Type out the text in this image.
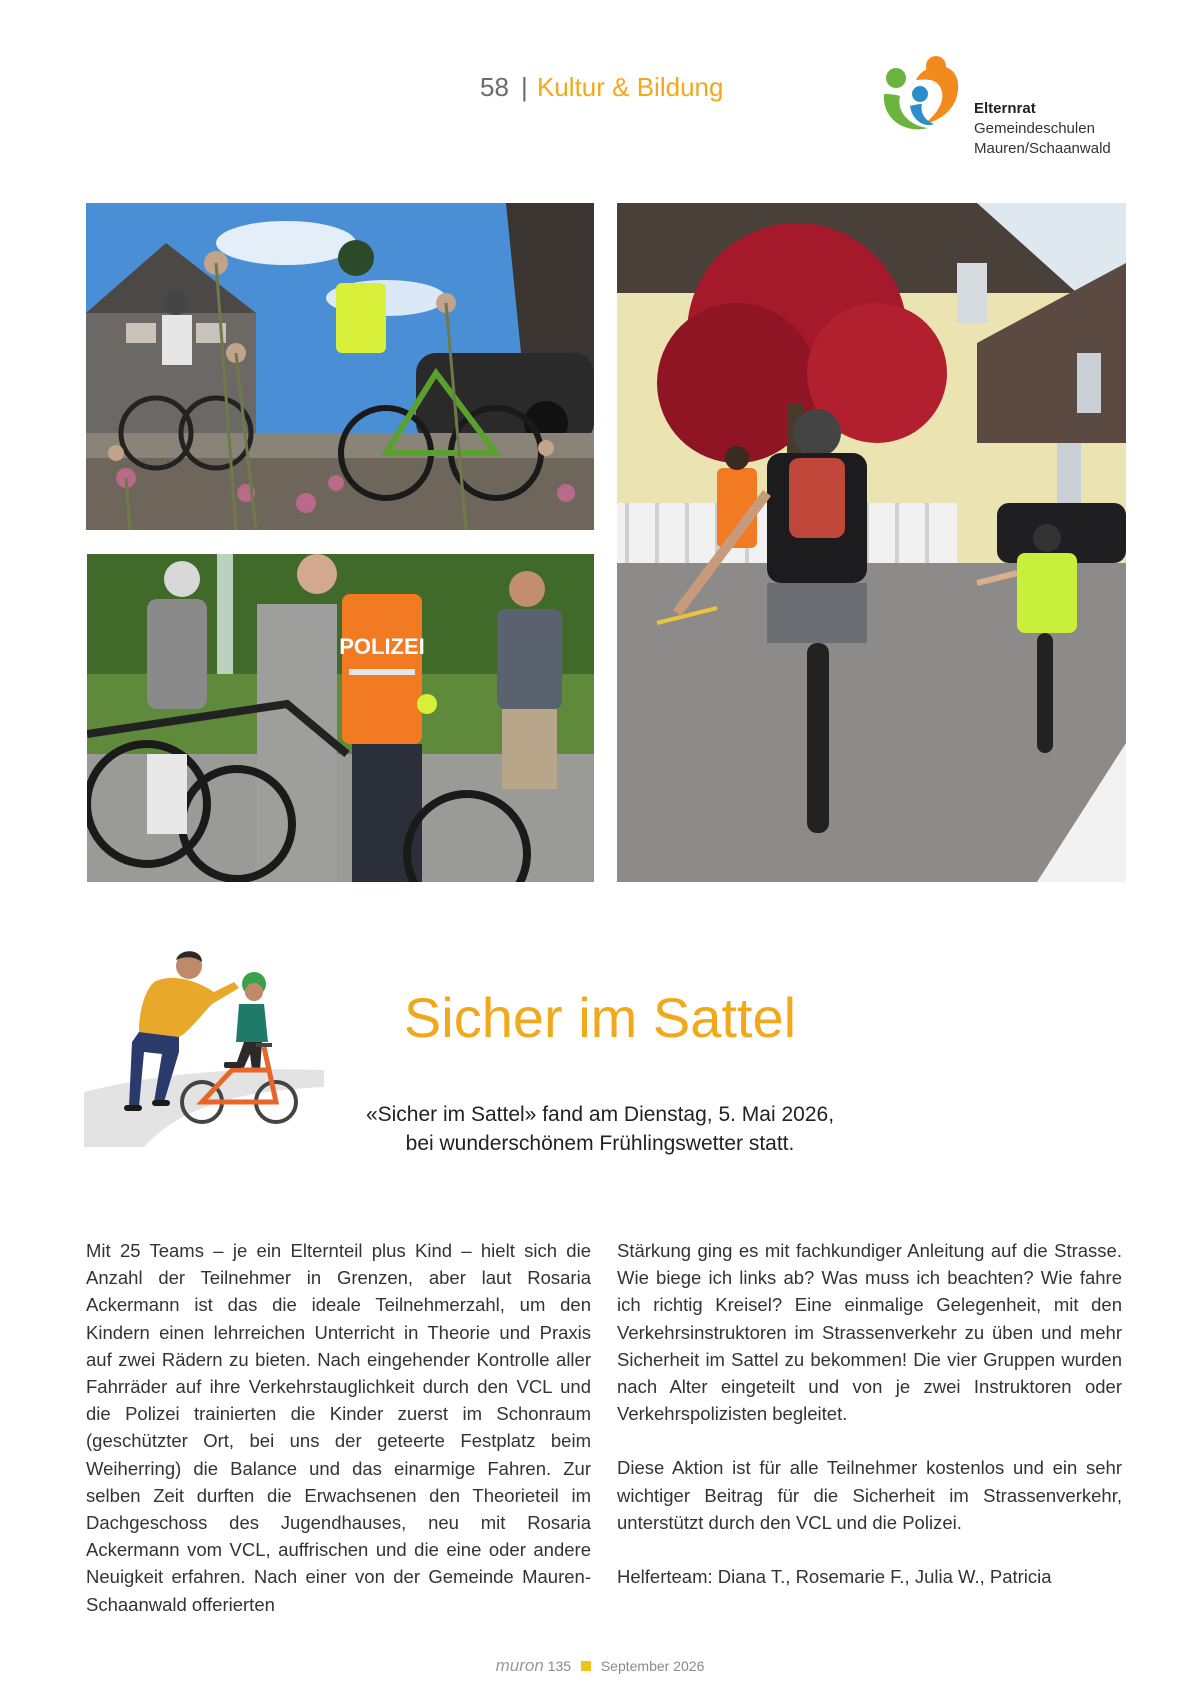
58 | Kultur & Bildung
Elternrat
Gemeindeschulen
Mauren/Schaanwald
POLIZEI
Sicher im Sattel
«Sicher im Sattel» fand am Dienstag, 5. Mai 2026,
bei wunderschönem Frühlingswetter statt.

Mit 25 Teams – je ein Elternteil plus Kind – hielt sich die Anzahl der Teilnehmer in Grenzen, aber laut Rosaria Ackermann ist das die ideale Teilnehmerzahl, um den Kindern einen lehrreichen Unterricht in Theorie und Praxis auf zwei Rädern zu bieten. Nach eingehender Kontrolle aller Fahrräder auf ihre Verkehrstauglichkeit durch den VCL und die Polizei trainierten die Kinder zuerst im Schonraum (geschützter Ort, bei uns der geteerte Festplatz beim Weiherring) die Balance und das einarmige Fahren. Zur selben Zeit durften die Erwachsenen den Theorieteil im Dachgeschoss des Jugendhauses, neu mit Rosaria Ackermann vom VCL, auffrischen und die eine oder andere Neuigkeit erfahren. Nach einer von der Gemeinde Mauren-Schaanwald offerierten

Stärkung ging es mit fachkundiger Anleitung auf die Strasse. Wie biege ich links ab? Was muss ich beachten? Wie fahre ich richtig Kreisel? Eine einmalige Gelegenheit, mit den Verkehrsinstruktoren im Strassenverkehr zu üben und mehr Sicherheit im Sattel zu bekommen! Die vier Gruppen wurden nach Alter eingeteilt und von je zwei Instruktoren oder Verkehrspolizisten begleitet.

Diese Aktion ist für alle Teilnehmer kostenlos und ein sehr wichtiger Beitrag für die Sicherheit im Strassenverkehr, unterstützt durch den VCL und die Polizei.

Helferteam: Diana T., Rosemarie F., Julia W., Patricia

muron 135 September 2026
